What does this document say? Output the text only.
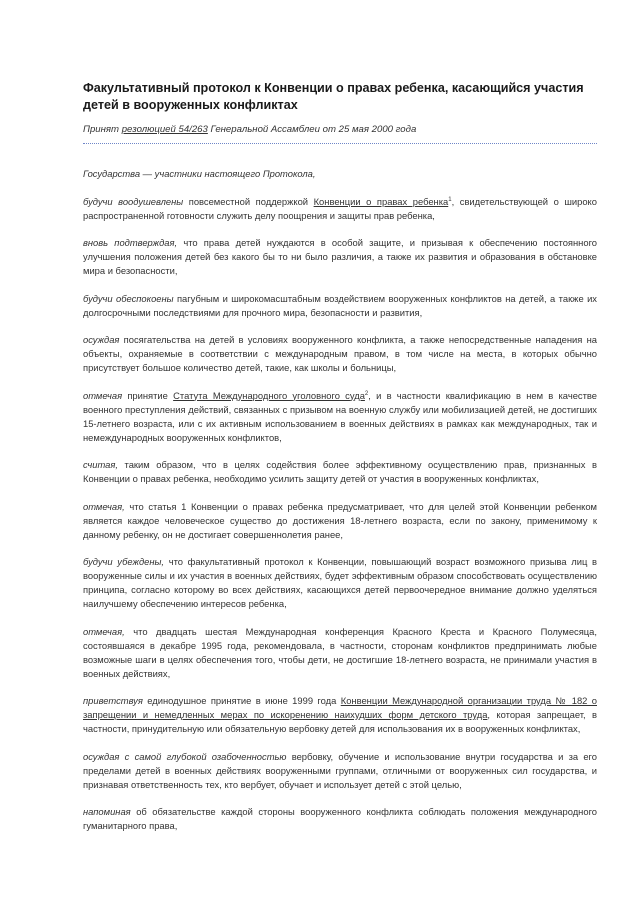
Факультативный протокол к Конвенции о правах ребенка, касающийся участия детей в вооруженных конфликтах

Принят резолюцией 54/263 Генеральной Ассамблеи от 25 мая 2000 года

Государства — участники настоящего Протокола,

будучи воодушевлены повсеместной поддержкой Конвенции о правах ребенка$^1$, свидетельствующей о широко распространенной готовности служить делу поощрения и защиты прав ребенка,

вновь подтверждая, что права детей нуждаются в особой защите, и призывая к обеспечению постоянного улучшения положения детей без какого бы то ни было различия, а также их развития и образования в обстановке мира и безопасности,

будучи обеспокоены пагубным и широкомасштабным воздействием вооруженных конфликтов на детей, а также их долгосрочными последствиями для прочного мира, безопасности и развития,

осуждая посягательства на детей в условиях вооруженного конфликта, а также непосредственные нападения на объекты, охраняемые в соответствии с международным правом, в том числе на места, в которых обычно присутствует большое количество детей, такие, как школы и больницы,

отмечая принятие Статута Международного уголовного суда$^2$, и в частности квалификацию в нем в качестве военного преступления действий, связанных с призывом на военную службу или мобилизацией детей, не достигших 15-летнего возраста, или с их активным использованием в военных действиях в рамках как международных, так и немеждународных вооруженных конфликтов,

считая, таким образом, что в целях содействия более эффективному осуществлению прав, признанных в Конвенции о правах ребенка, необходимо усилить защиту детей от участия в вооруженных конфликтах,

отмечая, что статья 1 Конвенции о правах ребенка предусматривает, что для целей этой Конвенции ребенком является каждое человеческое существо до достижения 18-летнего возраста, если по закону, применимому к данному ребенку, он не достигает совершеннолетия ранее,

будучи убеждены, что факультативный протокол к Конвенции, повышающий возраст возможного призыва лиц в вооруженные силы и их участия в военных действиях, будет эффективным образом способствовать осуществлению принципа, согласно которому во всех действиях, касающихся детей первоочередное внимание должно уделяться наилучшему обеспечению интересов ребенка,

отмечая, что двадцать шестая Международная конференция Красного Креста и Красного Полумесяца, состоявшаяся в декабре 1995 года, рекомендовала, в частности, сторонам конфликтов предпринимать любые возможные шаги в целях обеспечения того, чтобы дети, не достигшие 18-летнего возраста, не принимали участия в военных действиях,

приветствуя единодушное принятие в июне 1999 года Конвенции Международной организации труда № 182 о запрещении и немедленных мерах по искоренению наихудших форм детского труда, которая запрещает, в частности, принудительную или обязательную вербовку детей для использования их в вооруженных конфликтах,

осуждая с самой глубокой озабоченностью вербовку, обучение и использование внутри государства и за его пределами детей в военных действиях вооруженными группами, отличными от вооруженных сил государства, и признавая ответственность тех, кто вербует, обучает и использует детей с этой целью,

напоминая об обязательстве каждой стороны вооруженного конфликта соблюдать положения международного гуманитарного права,
